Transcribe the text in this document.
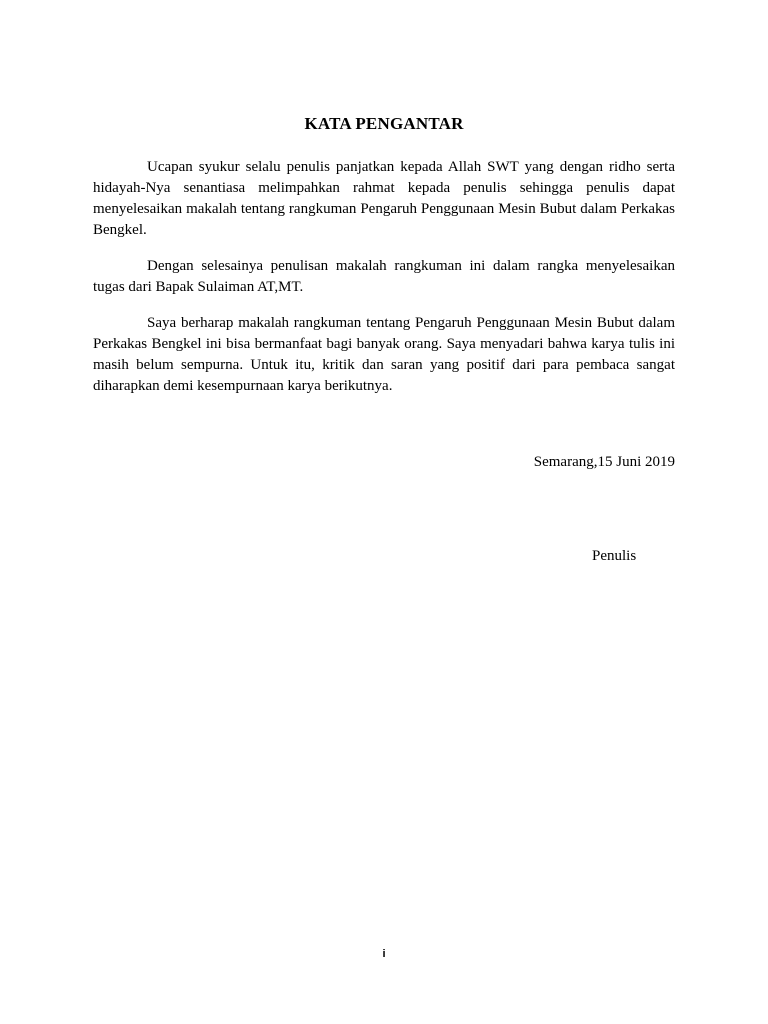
KATA PENGANTAR

Ucapan syukur selalu penulis panjatkan kepada Allah SWT yang dengan ridho serta hidayah-Nya senantiasa melimpahkan rahmat kepada penulis sehingga penulis dapat menyelesaikan makalah tentang rangkuman Pengaruh Penggunaan Mesin Bubut dalam Perkakas Bengkel.

Dengan selesainya penulisan makalah rangkuman ini dalam rangka menyelesaikan tugas dari Bapak Sulaiman AT,MT.

Saya berharap makalah rangkuman tentang Pengaruh Penggunaan Mesin Bubut dalam Perkakas Bengkel ini bisa bermanfaat bagi banyak orang. Saya menyadari bahwa karya tulis ini masih belum sempurna. Untuk itu, kritik dan saran yang positif dari para pembaca sangat diharapkan demi kesempurnaan karya berikutnya.

Semarang,15 Juni 2019
Penulis
i
